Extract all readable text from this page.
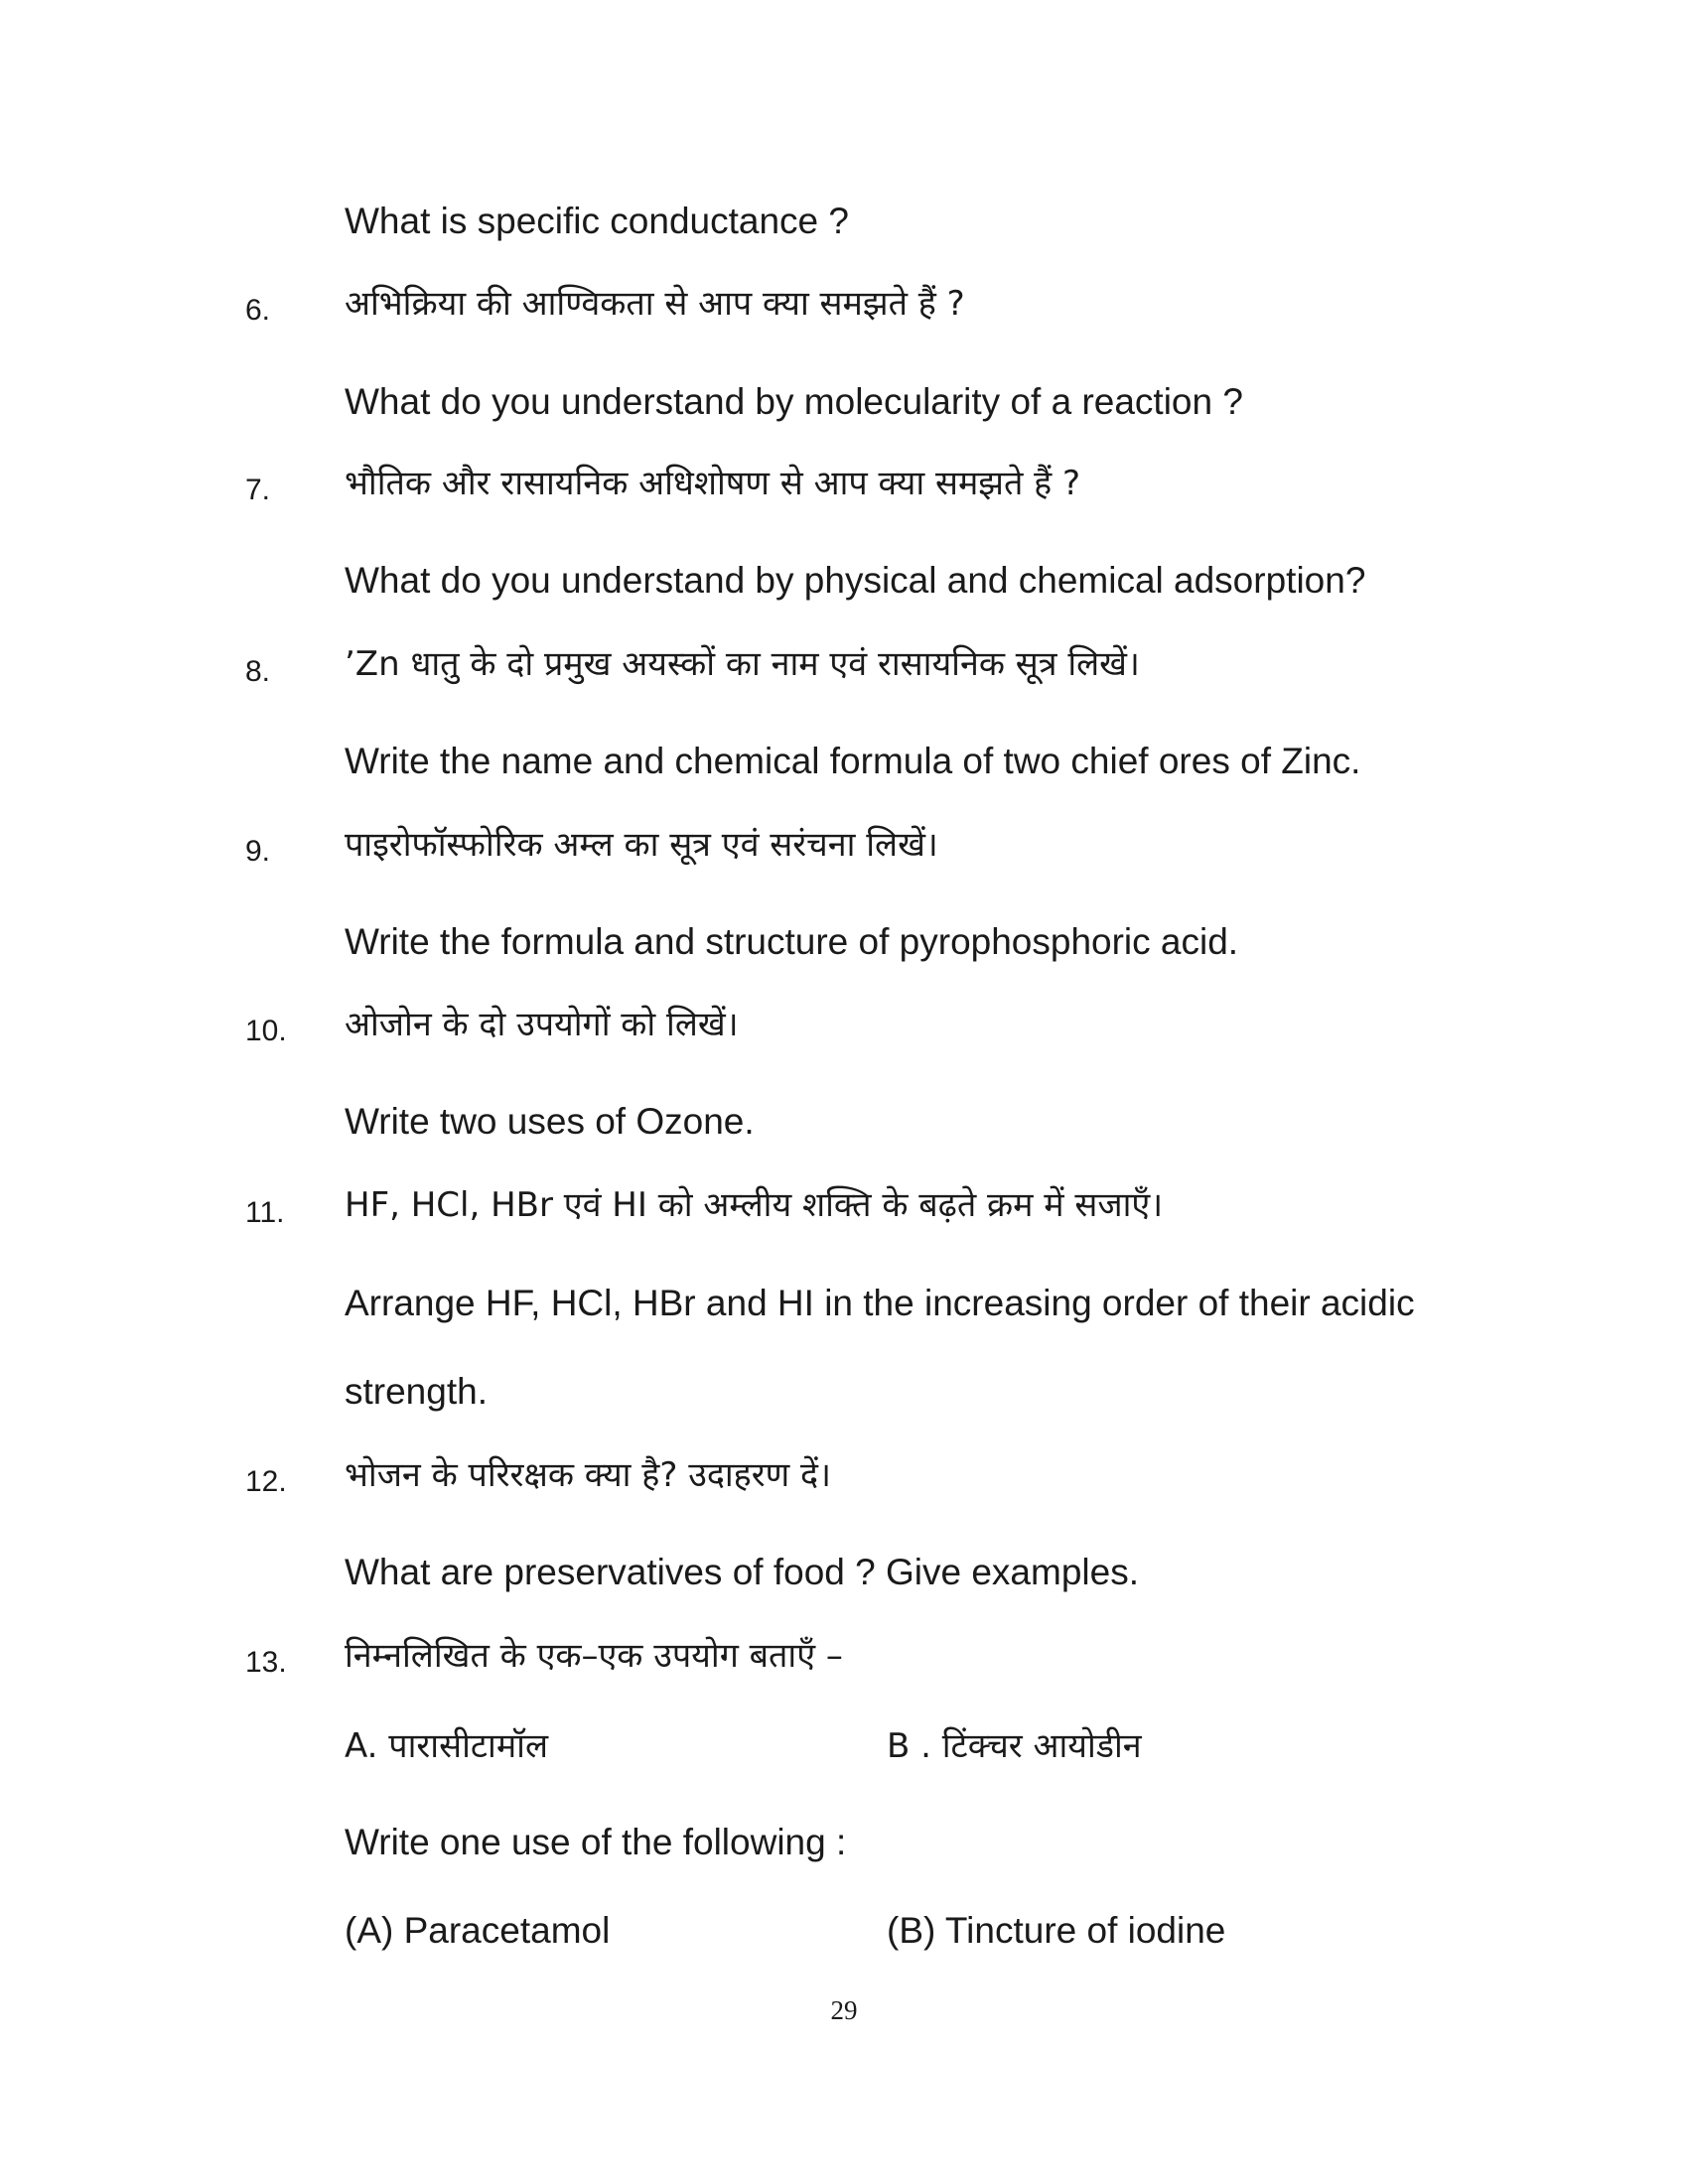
What is specific conductance ?
6. अभिक्रिया की आण्विकता से आप क्या समझते हैं ?
What do you understand by molecularity of a reaction ?
7. भौतिक और रासायनिक अधिशोषण से आप क्या समझते हैं ?
What do you understand by physical and chemical adsorption?
8. ’Zn धातु के दो प्रमुख अयस्कों का नाम एवं रासायनिक सूत्र लिखें।
Write the name and chemical formula of two chief ores of Zinc.
9. पाइरोफॉस्फोरिक अम्ल का सूत्र एवं सरंचना लिखें।
Write the formula and structure of pyrophosphoric acid.
10. ओजोन के दो उपयोगों को लिखें।
Write two uses of Ozone.
11. HF, HCl, HBr एवं HI को अम्लीय शक्ति के बढ़ते क्रम में सजाएँ।
Arrange HF, HCl, HBr and HI in the increasing order of their acidic
strength.
12. भोजन के परिरक्षक क्या है? उदाहरण दें।
What are preservatives of food ? Give examples.
13. निम्नलिखित के एक–एक उपयोग बताएँ –
A. पारासीटामॉल	B . टिंक्चर आयोडीन
Write one use of the following :
(A) Paracetamol	(B) Tincture of iodine
29
